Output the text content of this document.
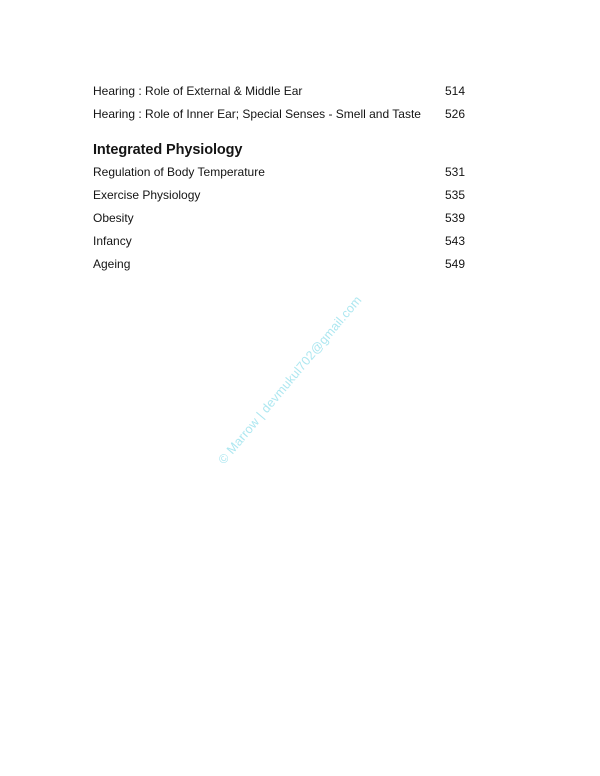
Hearing : Role of External & Middle Ear	514
Hearing : Role of Inner Ear; Special Senses - Smell and Taste	526
Integrated Physiology
Regulation of Body Temperature	531
Exercise Physiology	535
Obesity	539
Infancy	543
Ageing	549
© Marrow | devmukul702@gmail.com
